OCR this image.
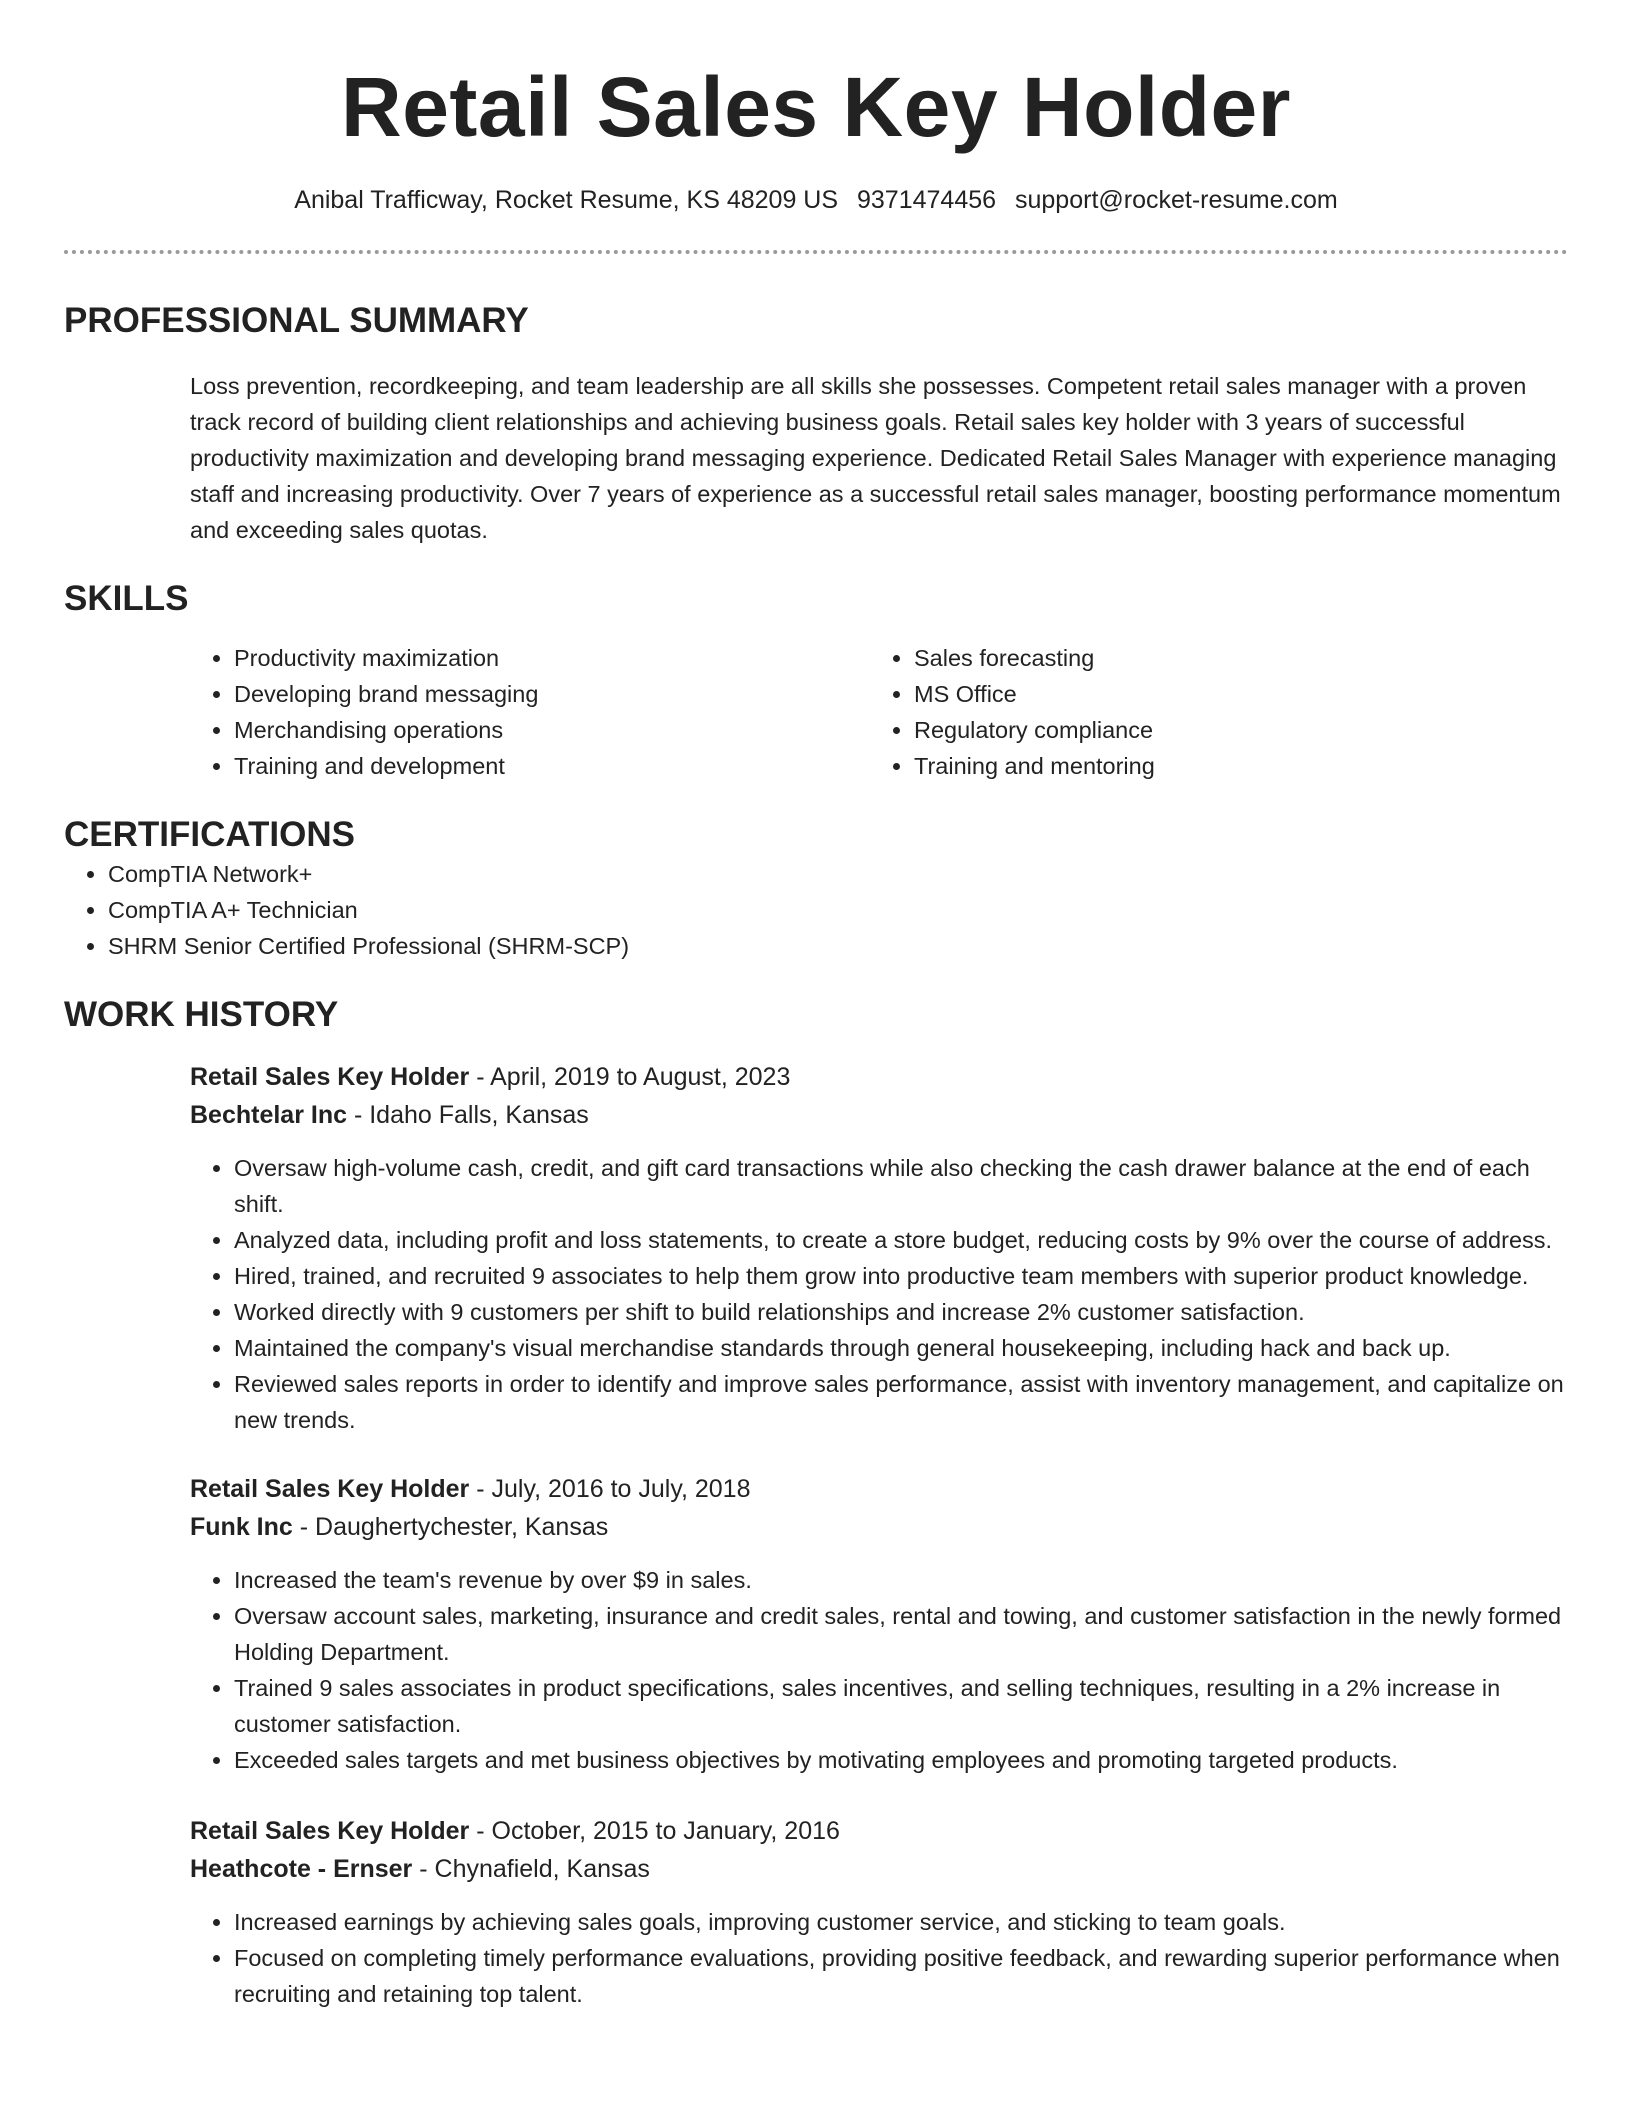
Retail Sales Key Holder
Anibal Trafficway, Rocket Resume, KS 48209 US 9371474456 support@rocket-resume.com
PROFESSIONAL SUMMARY

Loss prevention, recordkeeping, and team leadership are all skills she possesses. Competent retail sales manager with a proven track record of building client relationships and achieving business goals. Retail sales key holder with 3 years of successful productivity maximization and developing brand messaging experience. Dedicated Retail Sales Manager with experience managing staff and increasing productivity. Over 7 years of experience as a successful retail sales manager, boosting performance momentum and exceeding sales quotas.

SKILLS
• Productivity maximization
• Developing brand messaging
• Merchandising operations
• Training and development
• Sales forecasting
• MS Office
• Regulatory compliance
• Training and mentoring
CERTIFICATIONS
• CompTIA Network+
• CompTIA A+ Technician
• SHRM Senior Certified Professional (SHRM-SCP)
WORK HISTORY
Retail Sales Key Holder - April, 2019 to August, 2023
Bechtelar Inc - Idaho Falls, Kansas
• Oversaw high-volume cash, credit, and gift card transactions while also checking the cash drawer balance at the end of each shift.
• Analyzed data, including profit and loss statements, to create a store budget, reducing costs by 9% over the course of address.
• Hired, trained, and recruited 9 associates to help them grow into productive team members with superior product knowledge.
• Worked directly with 9 customers per shift to build relationships and increase 2% customer satisfaction.
• Maintained the company's visual merchandise standards through general housekeeping, including hack and back up.
• Reviewed sales reports in order to identify and improve sales performance, assist with inventory management, and capitalize on new trends.
Retail Sales Key Holder - July, 2016 to July, 2018
Funk Inc - Daughertychester, Kansas
• Increased the team's revenue by over $9 in sales.
• Oversaw account sales, marketing, insurance and credit sales, rental and towing, and customer satisfaction in the newly formed Holding Department.
• Trained 9 sales associates in product specifications, sales incentives, and selling techniques, resulting in a 2% increase in customer satisfaction.
• Exceeded sales targets and met business objectives by motivating employees and promoting targeted products.
Retail Sales Key Holder - October, 2015 to January, 2016
Heathcote - Ernser - Chynafield, Kansas
• Increased earnings by achieving sales goals, improving customer service, and sticking to team goals.
• Focused on completing timely performance evaluations, providing positive feedback, and rewarding superior performance when recruiting and retaining top talent.
